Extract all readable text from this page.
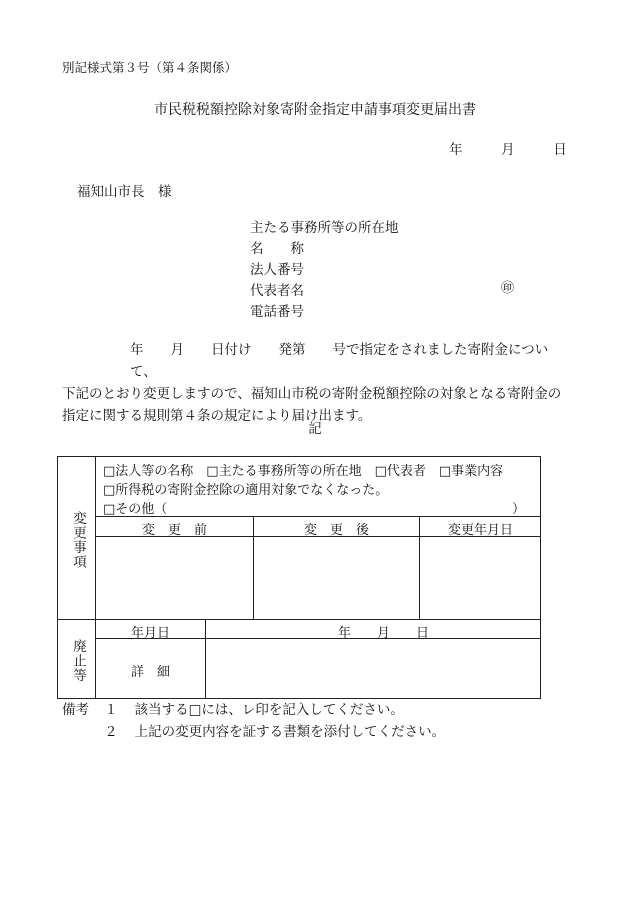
別記様式第３号（第４条関係）
市民税税額控除対象寄附金指定申請事項変更届出書
年	月	日
福知山市長　様
主たる事務所等の所在地
名　　称
法人番号
代表者名
電話番号
㊞
年　　月　　日付け　　発第　　号で指定をされました寄附金について、
下記のとおり変更しますので、福知山市税の寄附金税額控除の対象となる寄附金の
指定に関する規則第４条の規定により届け出ます。
記
変更事項
□法人等の名称　□主たる事務所等の所在地　□代表者　□事業内容
□所得税の寄附金控除の適用対象でなくなった。
□その他（	）
変　更　前	変　更　後	変更年月日
廃止等
年月日	年　　月　　日
詳　細
備考 １ 該当する□には、レ印を記入してください。
２ 上記の変更内容を証する書類を添付してください。
